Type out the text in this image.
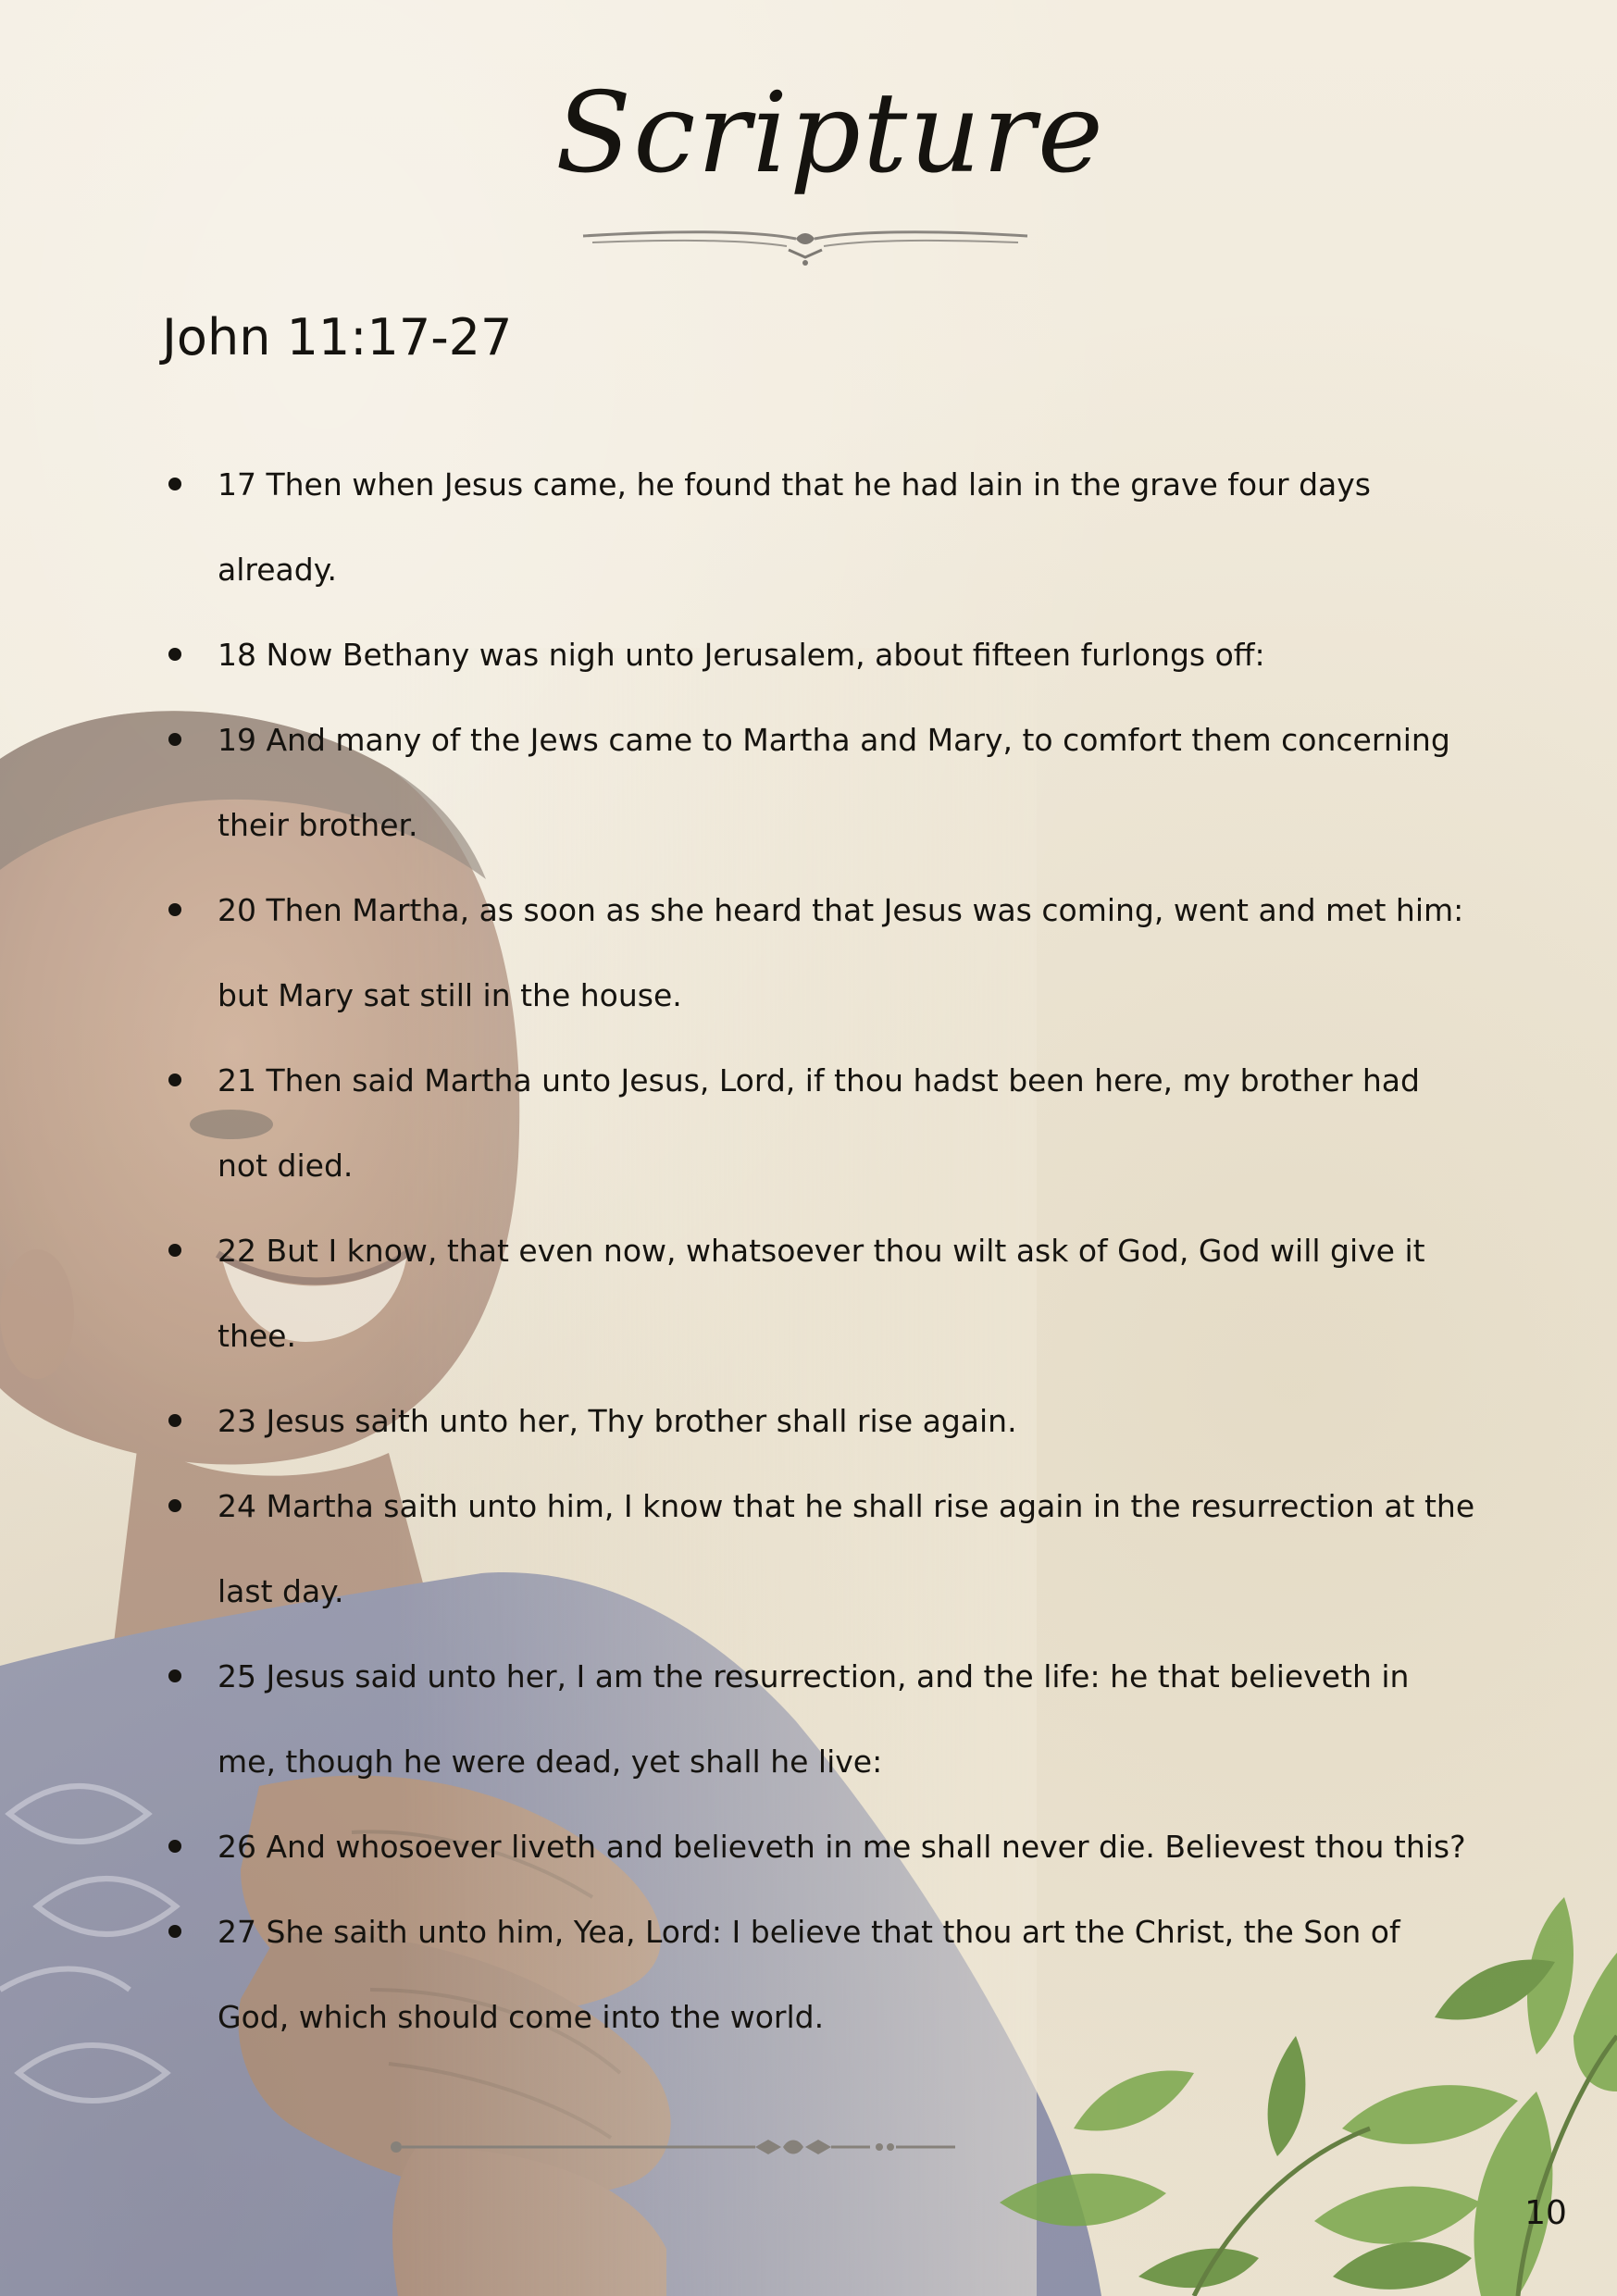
Scripture
John 11:17-27
17 Then when Jesus came, he found that he had lain in the grave four days already.
18 Now Bethany was nigh unto Jerusalem, about fifteen furlongs off:
19 And many of the Jews came to Martha and Mary, to comfort them concerning their brother.
20 Then Martha, as soon as she heard that Jesus was coming, went and met him: but Mary sat still in the house.
21 Then said Martha unto Jesus, Lord, if thou hadst been here, my brother had not died.
22 But I know, that even now, whatsoever thou wilt ask of God, God will give it thee.
23 Jesus saith unto her, Thy brother shall rise again.
24 Martha saith unto him, I know that he shall rise again in the resurrection at the last day.
25 Jesus said unto her, I am the resurrection, and the life: he that believeth in me, though he were dead, yet shall he live:
26 And whosoever liveth and believeth in me shall never die. Believest thou this?
27 She saith unto him, Yea, Lord: I believe that thou art the Christ, the Son of God, which should come into the world.
10
